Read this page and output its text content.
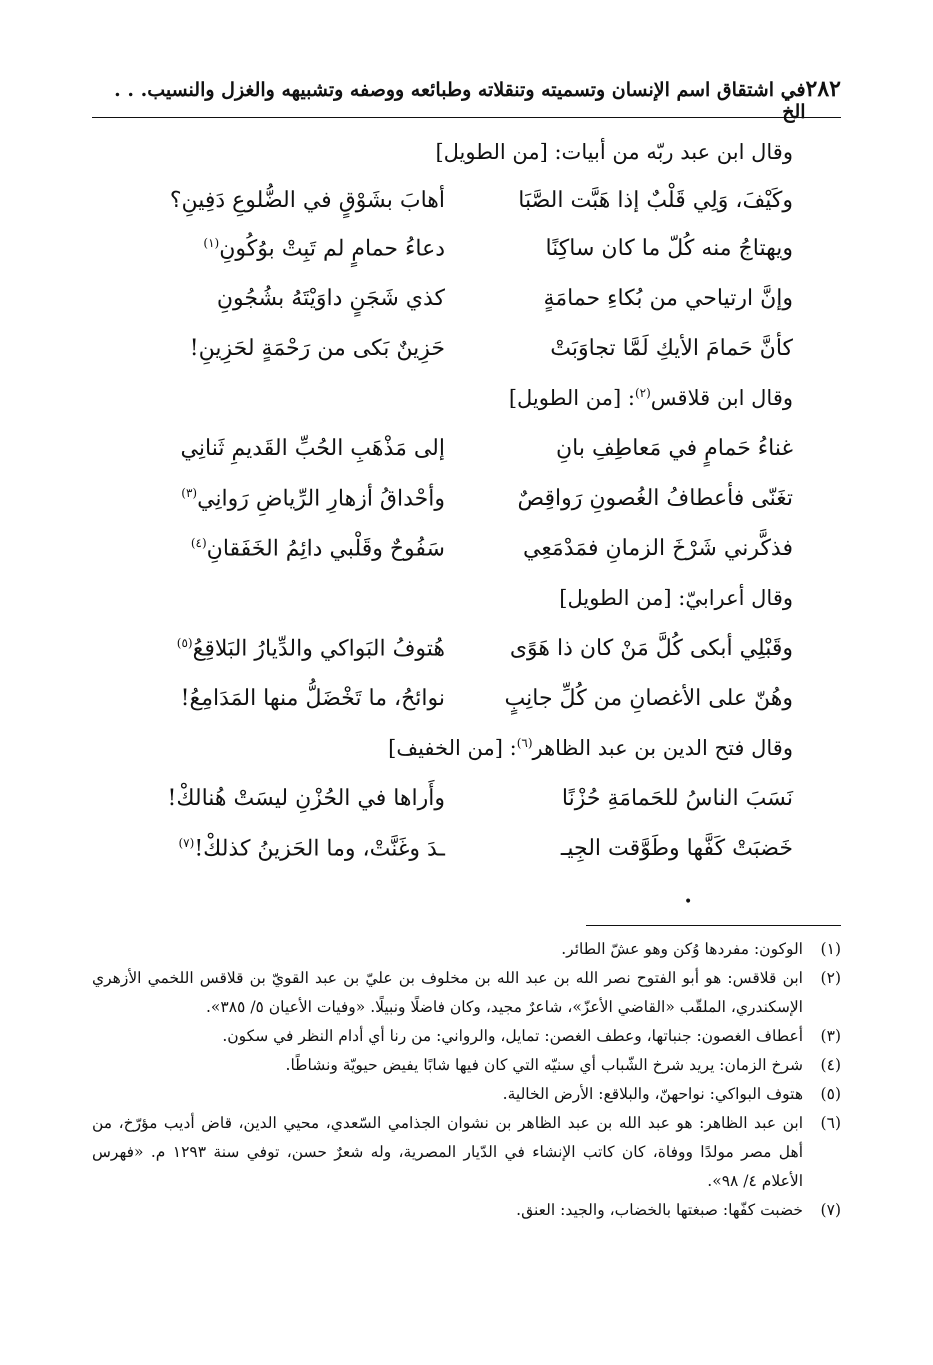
٢٨٢
في اشتقاق اسم الإنسان وتسميته وتنقلاته وطبائعه ووصفه وتشبيهه والغزل والنسيب. . . الخ
وقال ابن عبد ربّه من أبيات: [من الطويل]
وكَيْفَ، وَلِي قَلْبٌ إذا هَبَّت الصَّبَا
أهابَ بشَوْقٍ في الضُّلوعِ دَفِينِ؟
ويهتاجُ منه كُلّ ما كان ساكِنًا
دعاءُ حمامٍ لم تَبِتْ بوُكُونِ$^{(١)}$
وإنَّ ارتياحي من بُكاءِ حمامَةٍ
كذي شَجَنٍ داوَيْتَهُ بشُجُونِ
كأنَّ حَمامَ الأيكِ لَمَّا تجاوَبَتْ
حَزِينٌ بَكى من رَحْمَةٍ لحَزِينِ!
وقال ابن قلاقس$^{(٢)}$: [من الطويل]
غناءُ حَمامٍ في مَعاطِفِ بانِ
إلى مَذْهَبِ الحُبِّ القَديمِ ثَنانِي
تغَنّى فأعطافُ الغُصونِ رَواقِصٌ
وأحْداقُ أزهارِ الرِّياضِ رَوانِي$^{(٣)}$
فذكَّرني شَرْخَ الزمانِ فمَدْمَعِي
سَفُوحٌ وقَلْبي دائِمُ الخَفَقانِ$^{(٤)}$
وقال أعرابيّ: [من الطويل]
وقَبْلِي أبكى كُلَّ مَنْ كان ذا هَوًى
هُتوفُ البَواكي والدِّيارُ البَلاقِعُ$^{(٥)}$
وهُنّ على الأغصانِ من كُلِّ جانِبٍ
نوائحُ، ما تَخْضَلُّ منها المَدَامِعُ!
وقال فتح الدين بن عبد الظاهر$^{(٦)}$: [من الخفيف]
نَسَبَ الناسُ للحَمامَةِ حُزْنًا
وأَراها في الحُزْنِ ليسَتْ هُنالكْ!
خَضبَتْ كَفَّها وطَوَّقت الجِيـ
ـدَ وغَنَّتْ، وما الحَزينُ كذلكْ!$^{(٧)}$
•
(١)
الوكون: مفردها وُكن وهو عشّ الطائر.
(٢)
ابن قلاقس: هو أبو الفتوح نصر الله بن عبد الله بن مخلوف بن عليّ بن عبد القويّ بن قلاقس اللخمي الأزهري الإسكندري، الملقّب «القاضي الأعزّ»، شاعرٌ مجيد، وكان فاضلًا ونبيلًا. «وفيات الأعيان ٥/ ٣٨٥».
(٣)
أعطاف الغصون: جنباتها، وعطف الغصن: تمايل، والرواني: من رنا أي أدام النظر في سكون.
(٤)
شرخ الزمان: يريد شرخ الشّباب أي سنيّه التي كان فيها شابًا يفيض حيويّة ونشاطًا.
(٥)
هتوف البواكي: نواحهنّ، والبلاقع: الأرض الخالية.
(٦)
ابن عبد الظاهر: هو عبد الله بن عبد الظاهر بن نشوان الجذامي السّعدي، محيي الدين، قاض أديب مؤرّخ، من أهل مصر مولدًا ووفاة، كان كاتب الإنشاء في الدّيار المصرية، وله شعرٌ حسن، توفي سنة ١٢٩٣ م. «فهرس الأعلام ٤/ ٩٨».
(٧)
خضبت كفّها: صبغتها بالخضاب، والجيد: العنق.
